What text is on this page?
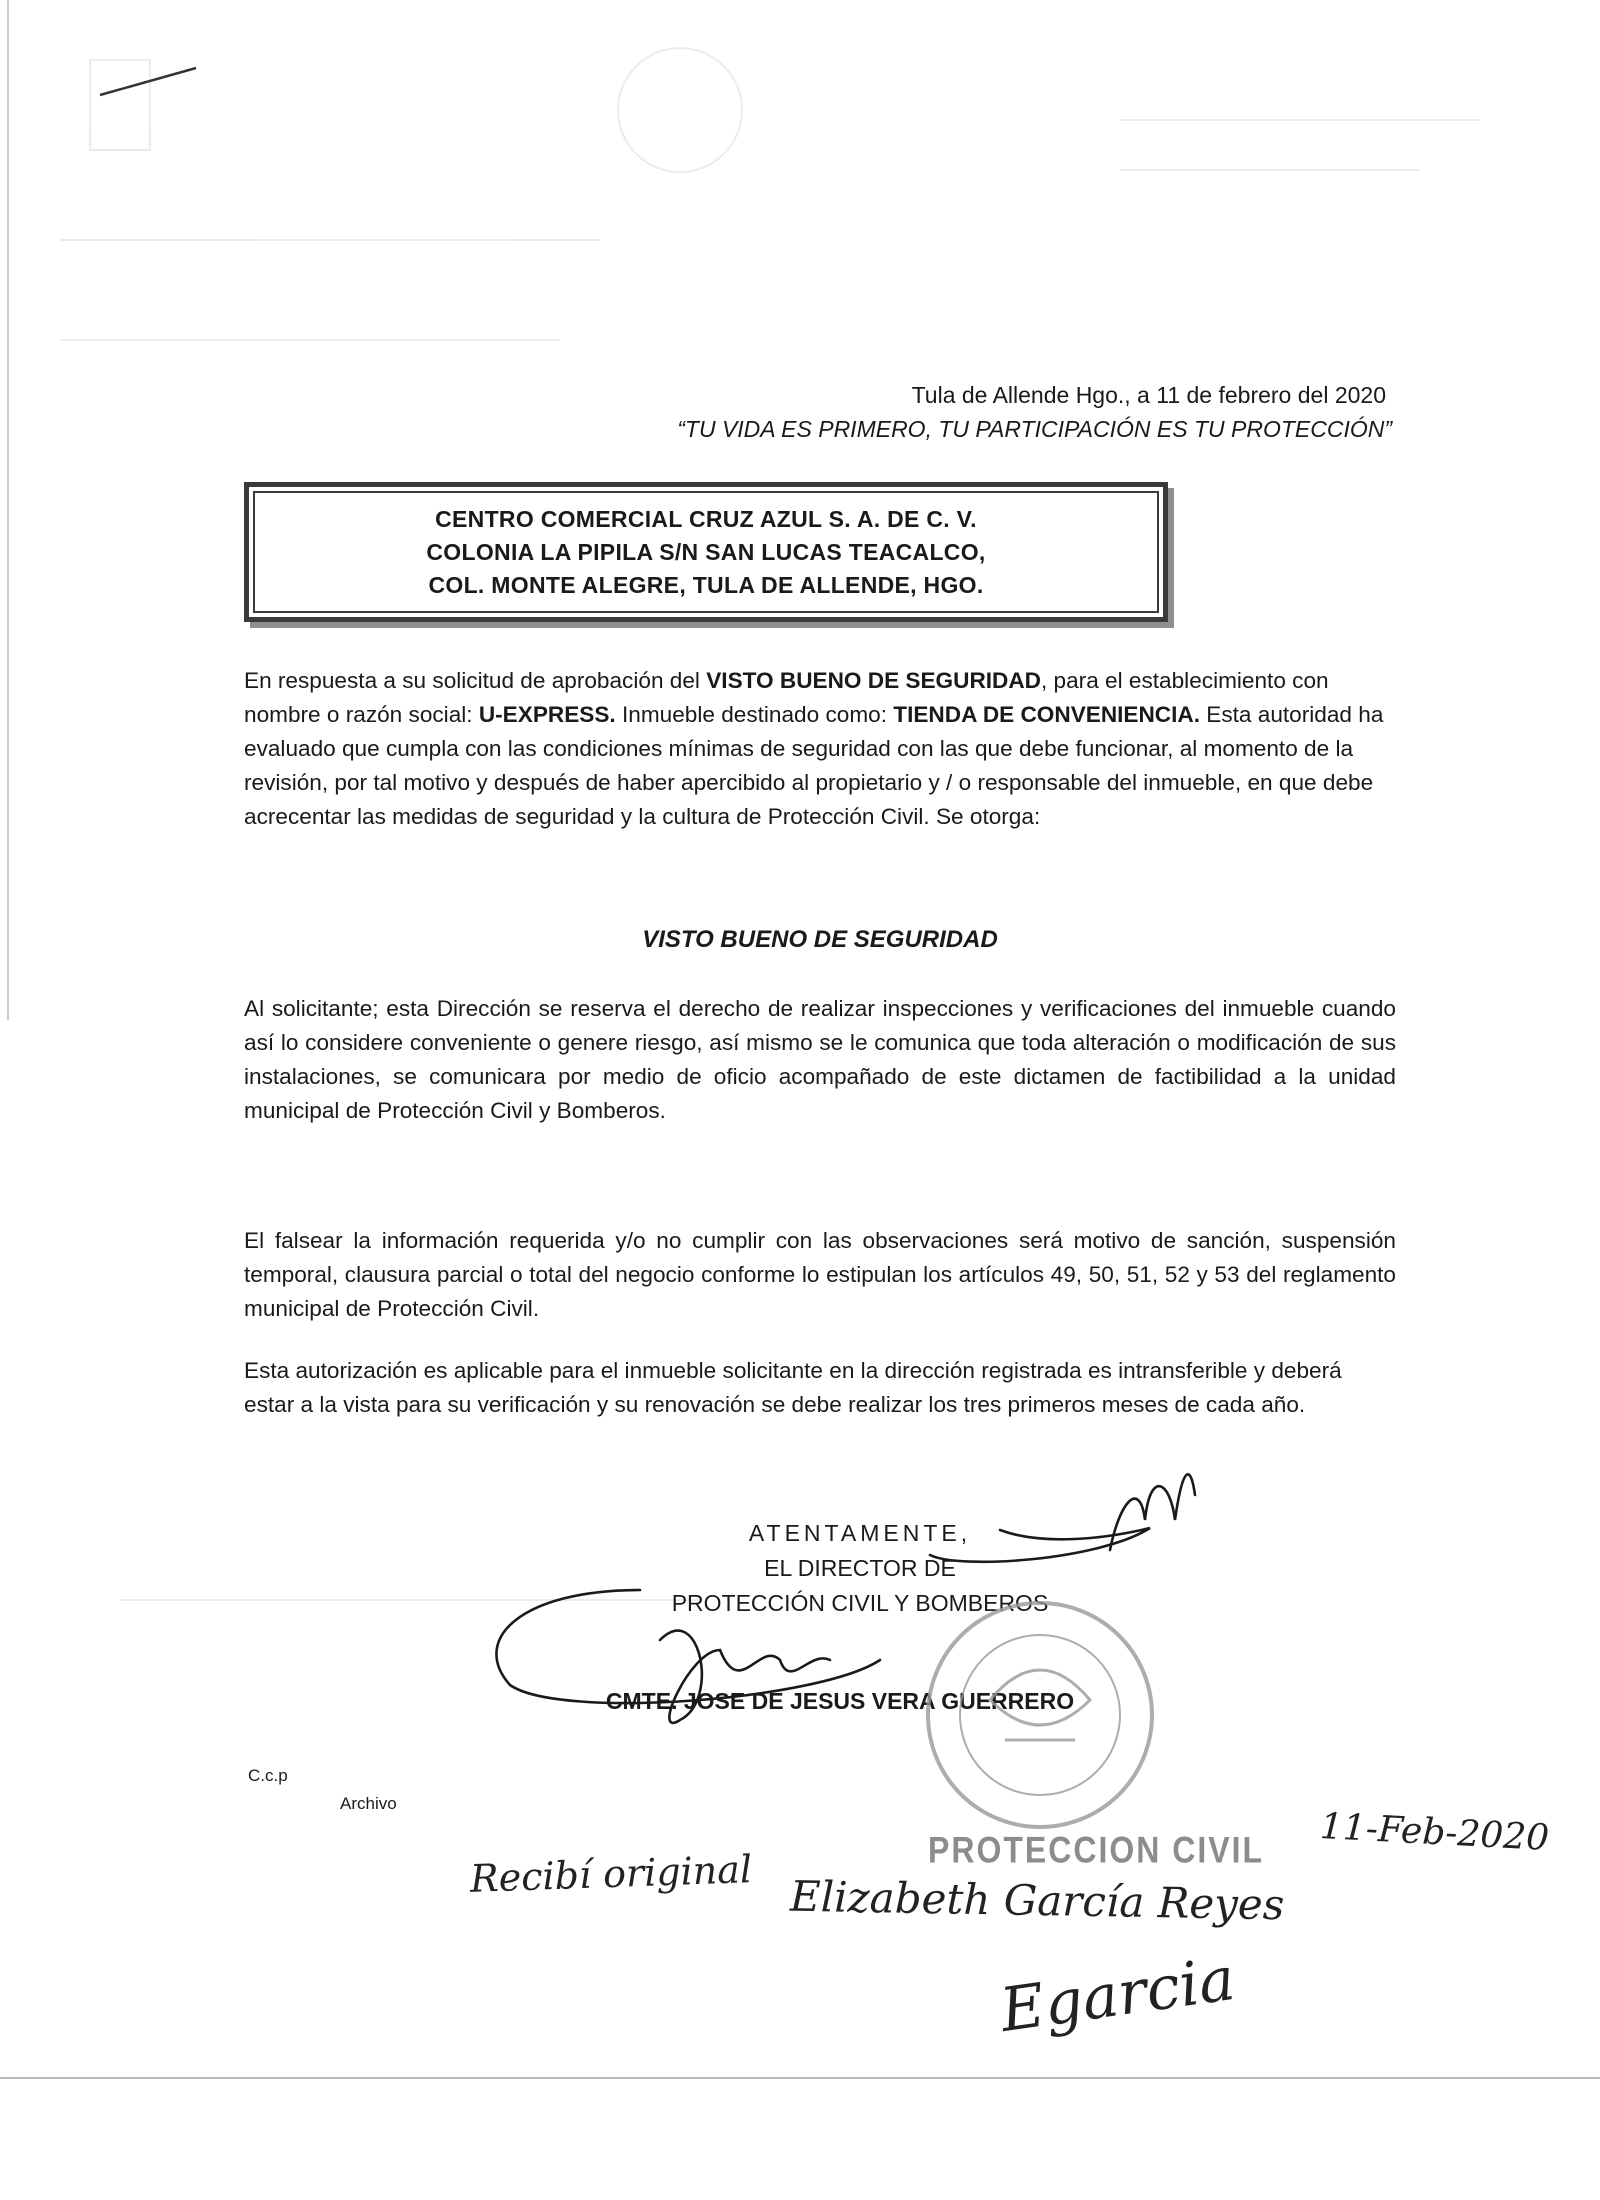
Tula de Allende Hgo., a 11 de febrero del 2020
“TU VIDA ES PRIMERO, TU PARTICIPACIÓN ES TU PROTECCIÓN”
CENTRO COMERCIAL CRUZ AZUL S. A. DE C. V.
COLONIA LA PIPILA S/N SAN LUCAS TEACALCO,
COL. MONTE ALEGRE, TULA DE ALLENDE, HGO.
En respuesta a su solicitud de aprobación del VISTO BUENO DE SEGURIDAD, para el establecimiento con nombre o razón social: U-EXPRESS. Inmueble destinado como: TIENDA DE CONVENIENCIA. Esta autoridad ha evaluado que cumpla con las condiciones mínimas de seguridad con las que debe funcionar, al momento de la revisión, por tal motivo y después de haber apercibido al propietario y / o responsable del inmueble, en que debe acrecentar las medidas de seguridad y la cultura de Protección Civil. Se otorga:
VISTO BUENO DE SEGURIDAD
Al solicitante; esta Dirección se reserva el derecho de realizar inspecciones y verificaciones del inmueble cuando así lo considere conveniente o genere riesgo, así mismo se le comunica que toda alteración o modificación de sus instalaciones, se comunicara por medio de oficio acompañado de este dictamen de factibilidad a la unidad municipal de Protección Civil y Bomberos.
El falsear la información requerida y/o no cumplir con las observaciones será motivo de sanción, suspensión temporal, clausura parcial o total del negocio conforme lo estipulan los artículos 49, 50, 51, 52 y 53 del reglamento municipal de Protección Civil.
Esta autorización es aplicable para el inmueble solicitante en la dirección registrada es intransferible y deberá estar a la vista para su verificación y su renovación se debe realizar los tres primeros meses de cada año.
ATENTAMENTE,
EL DIRECTOR DE
PROTECCIÓN CIVIL Y BOMBEROS
CMTE. JOSE DE JESUS VERA GUERRERO
C.c.p
Archivo
PROTECCION CIVIL 11-Feb-2020
Recibí original Elizabeth García Reyes
Egarcia
